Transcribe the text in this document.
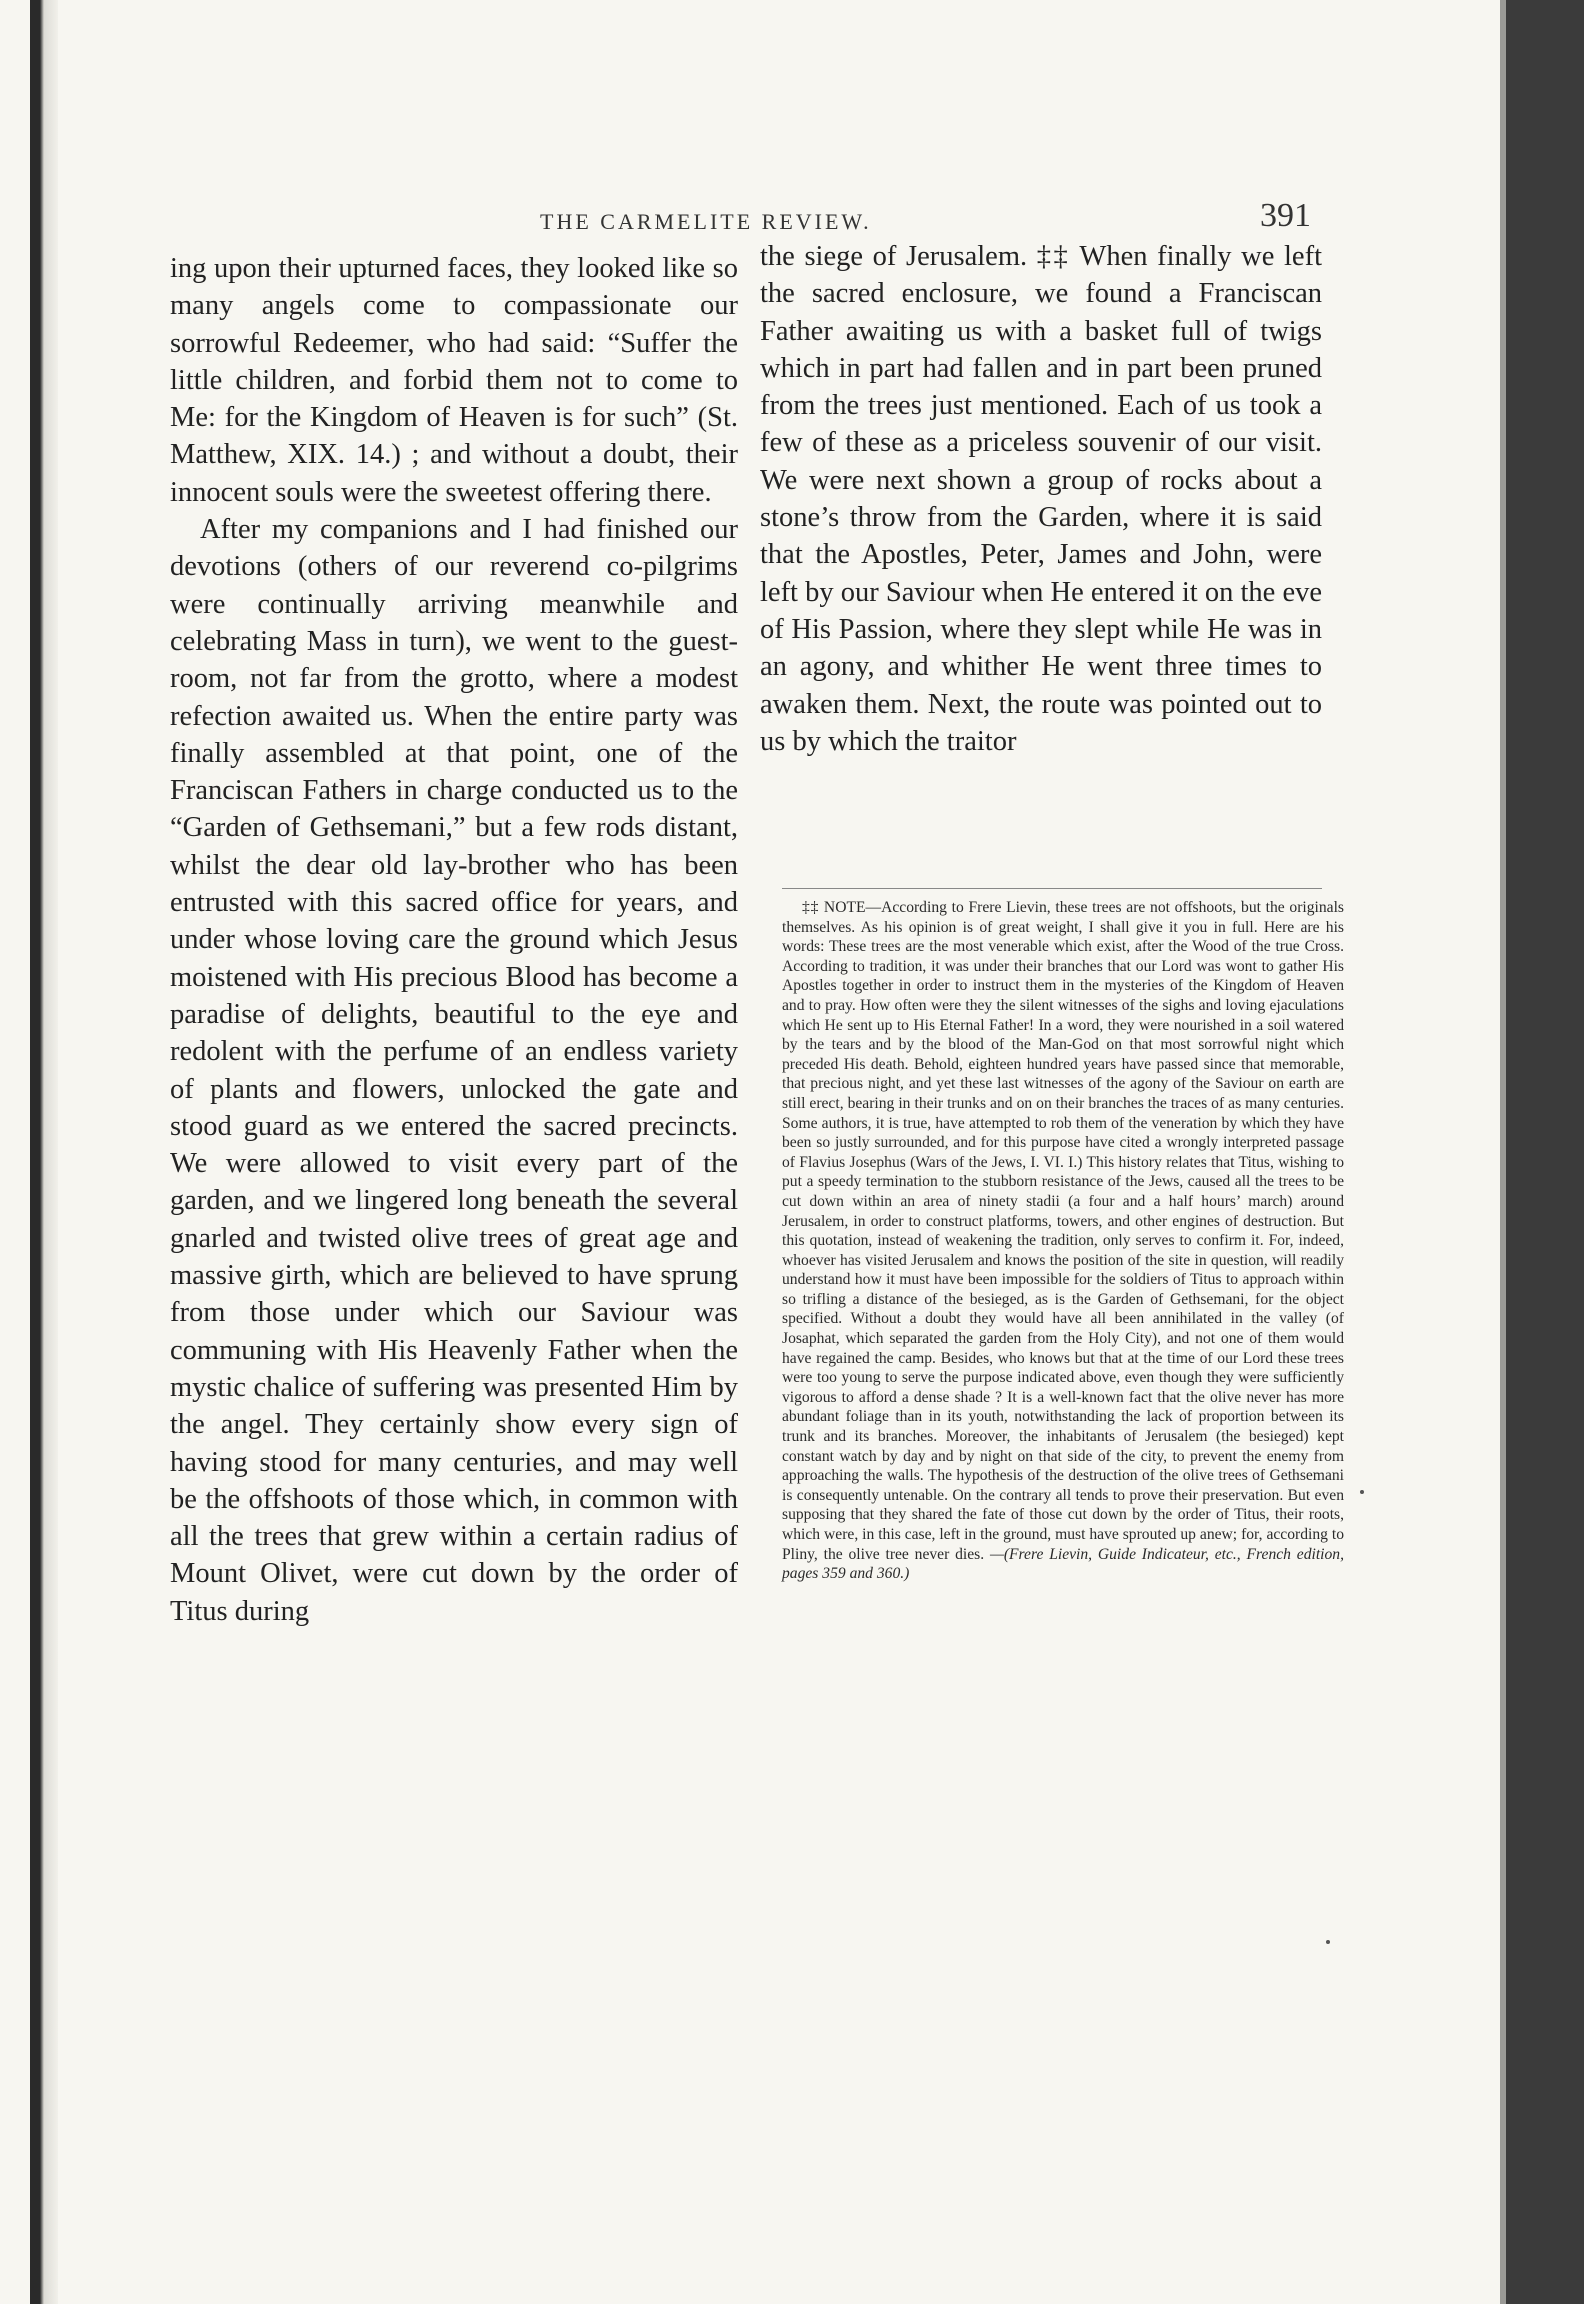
THE CARMELITE REVIEW.	391

ing upon their upturned faces, they looked like so many angels come to compassionate our sorrowful Redeemer, who had said: “Suffer the little children, and forbid them not to come to Me: for the Kingdom of Heaven is for such” (St. Matthew, XIX. 14.) ; and without a doubt, their innocent souls were the sweetest offering there.

After my companions and I had finished our devotions (others of our reverend co-pilgrims were continually arriving meanwhile and celebrating Mass in turn), we went to the guest-room, not far from the grotto, where a modest refection awaited us. When the entire party was finally assembled at that point, one of the Franciscan Fathers in charge conducted us to the “Garden of Gethsemani,” but a few rods distant, whilst the dear old lay-brother who has been entrusted with this sacred office for years, and under whose loving care the ground which Jesus moistened with His precious Blood has become a paradise of delights, beautiful to the eye and redolent with the perfume of an endless variety of plants and flowers, unlocked the gate and stood guard as we entered the sacred precincts. We were allowed to visit every part of the garden, and we lingered long beneath the several gnarled and twisted olive trees of great age and massive girth, which are believed to have sprung from those under which our Saviour was communing with His Heavenly Father when the mystic chalice of suffering was presented Him by the angel. They certainly show every sign of having stood for many centuries, and may well be the offshoots of those which, in common with all the trees that grew within a certain radius of Mount Olivet, were cut down by the order of Titus during

the siege of Jerusalem. ‡‡ When finally we left the sacred enclosure, we found a Franciscan Father awaiting us with a basket full of twigs which in part had fallen and in part been pruned from the trees just mentioned. Each of us took a few of these as a priceless souvenir of our visit. We were next shown a group of rocks about a stone’s throw from the Garden, where it is said that the Apostles, Peter, James and John, were left by our Saviour when He entered it on the eve of His Passion, where they slept while He was in an agony, and whither He went three times to awaken them. Next, the route was pointed out to us by which the traitor

‡‡ NOTE—According to Frere Lievin, these trees are not offshoots, but the originals themselves. As his opinion is of great weight, I shall give it you in full. Here are his words: These trees are the most venerable which exist, after the Wood of the true Cross. According to tradition, it was under their branches that our Lord was wont to gather His Apostles together in order to instruct them in the mysteries of the Kingdom of Heaven and to pray. How often were they the silent witnesses of the sighs and loving ejaculations which He sent up to His Eternal Father! In a word, they were nourished in a soil watered by the tears and by the blood of the Man-God on that most sorrowful night which preceded His death. Behold, eighteen hundred years have passed since that memorable, that precious night, and yet these last witnesses of the agony of the Saviour on earth are still erect, bearing in their trunks and on on their branches the traces of as many centuries. Some authors, it is true, have attempted to rob them of the veneration by which they have been so justly surrounded, and for this purpose have cited a wrongly interpreted passage of Flavius Josephus (Wars of the Jews, I. VI. I.) This history relates that Titus, wishing to put a speedy termination to the stubborn resistance of the Jews, caused all the trees to be cut down within an area of ninety stadii (a four and a half hours’ march) around Jerusalem, in order to construct platforms, towers, and other engines of destruction. But this quotation, instead of weakening the tradition, only serves to confirm it. For, indeed, whoever has visited Jerusalem and knows the position of the site in question, will readily understand how it must have been impossible for the soldiers of Titus to approach within so trifling a distance of the besieged, as is the Garden of Gethsemani, for the object specified. Without a doubt they would have all been annihilated in the valley (of Josaphat, which separated the garden from the Holy City), and not one of them would have regained the camp. Besides, who knows but that at the time of our Lord these trees were too young to serve the purpose indicated above, even though they were sufficiently vigorous to afford a dense shade ? It is a well-known fact that the olive never has more abundant foliage than in its youth, notwithstanding the lack of proportion between its trunk and its branches. Moreover, the inhabitants of Jerusalem (the besieged) kept constant watch by day and by night on that side of the city, to prevent the enemy from approaching the walls. The hypothesis of the destruction of the olive trees of Gethsemani is consequently untenable. On the contrary all tends to prove their preservation. But even supposing that they shared the fate of those cut down by the order of Titus, their roots, which were, in this case, left in the ground, must have sprouted up anew; for, according to Pliny, the olive tree never dies. —(Frere Lievin, Guide Indicateur, etc., French edition, pages 359 and 360.)
